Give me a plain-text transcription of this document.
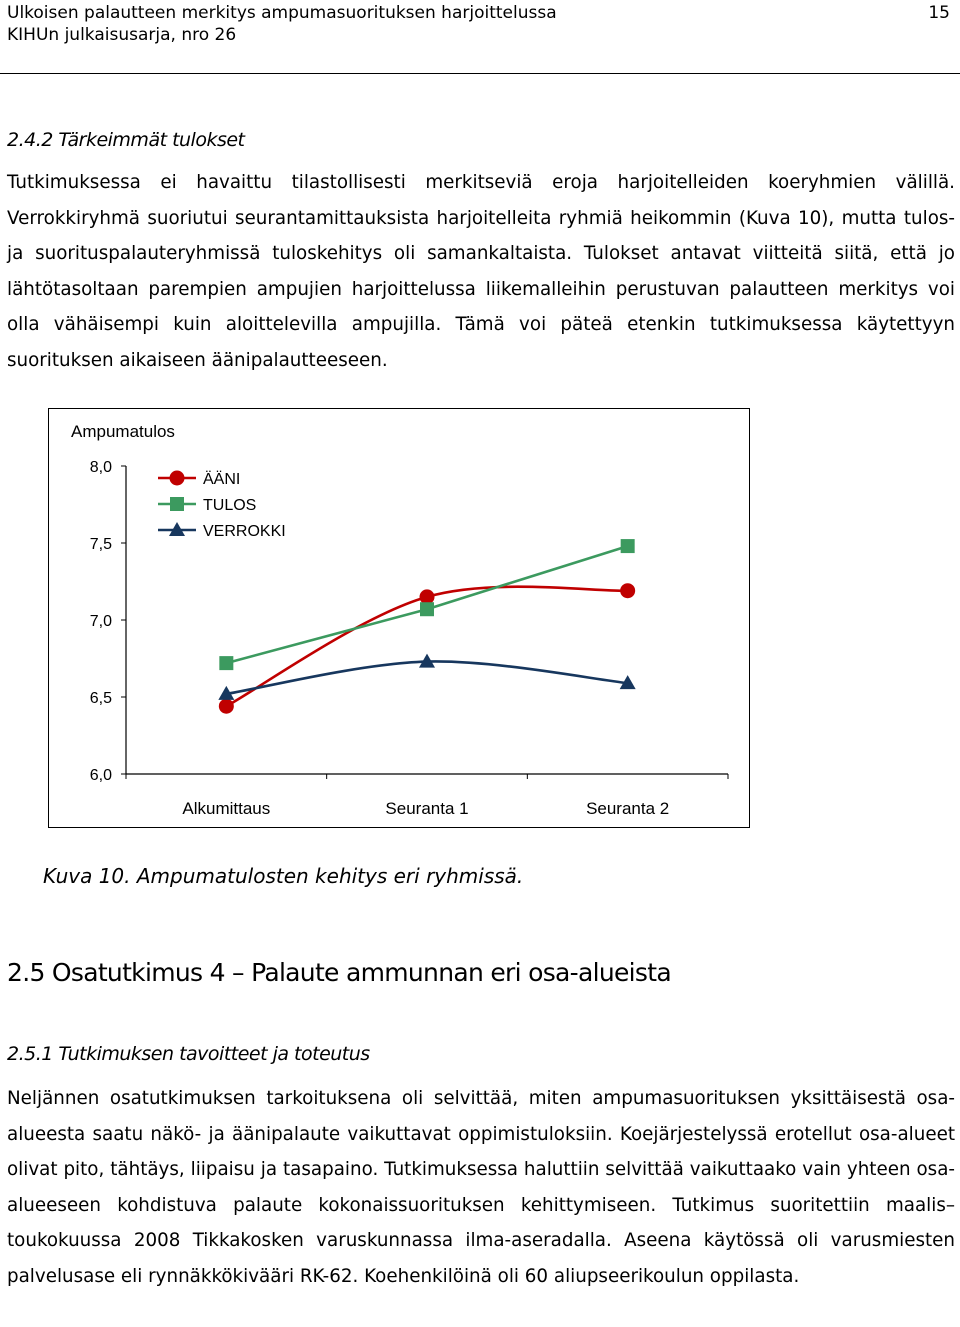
Ulkoisen palautteen merkitys ampumasuorituksen harjoittelussa
KIHUn julkaisusarja, nro 26
15
2.4.2 Tärkeimmät tulokset

Tutkimuksessa ei havaittu tilastollisesti merkitseviä eroja harjoitelleiden koeryhmien välillä. Verrokkiryhmä suoriutui seurantamittauksista harjoitelleita ryhmiä heikommin (Kuva 10), mutta tulos- ja suorituspalauteryhmissä tuloskehitys oli samankaltaista. Tulokset antavat viitteitä siitä, että jo lähtötasoltaan parempien ampujien harjoittelussa liikemalleihin perustuvan palautteen merkitys voi olla vähäisempi kuin aloittelevilla ampujilla. Tämä voi päteä etenkin tutkimuksessa käytettyyn suorituksen aikaiseen äänipalautteeseen.

Ampumatulos
8,0
7,5
7,0
6,5
6,0
Alkumittaus	Seuranta 1	Seuranta 2
ÄÄNI
TULOS
VERROKKI
Kuva 10. Ampumatulosten kehitys eri ryhmissä.
2.5 Osatutkimus 4 – Palaute ammunnan eri osa-alueista
2.5.1 Tutkimuksen tavoitteet ja toteutus

Neljännen osatutkimuksen tarkoituksena oli selvittää, miten ampumasuorituksen yksittäisestä osa-alueesta saatu näkö- ja äänipalaute vaikuttavat oppimistuloksiin. Koejärjestelyssä erotellut osa-alueet olivat pito, tähtäys, liipaisu ja tasapaino. Tutkimuksessa haluttiin selvittää vaikuttaako vain yhteen osa-alueeseen kohdistuva palaute kokonaissuorituksen kehittymiseen. Tutkimus suoritettiin maalis–toukokuussa 2008 Tikkakosken varuskunnassa ilma-aseradalla. Aseena käytössä oli varusmiesten palvelusase eli rynnäkkökivääri RK-62. Koehenkilöinä oli 60 aliupseerikoulun oppilasta.
